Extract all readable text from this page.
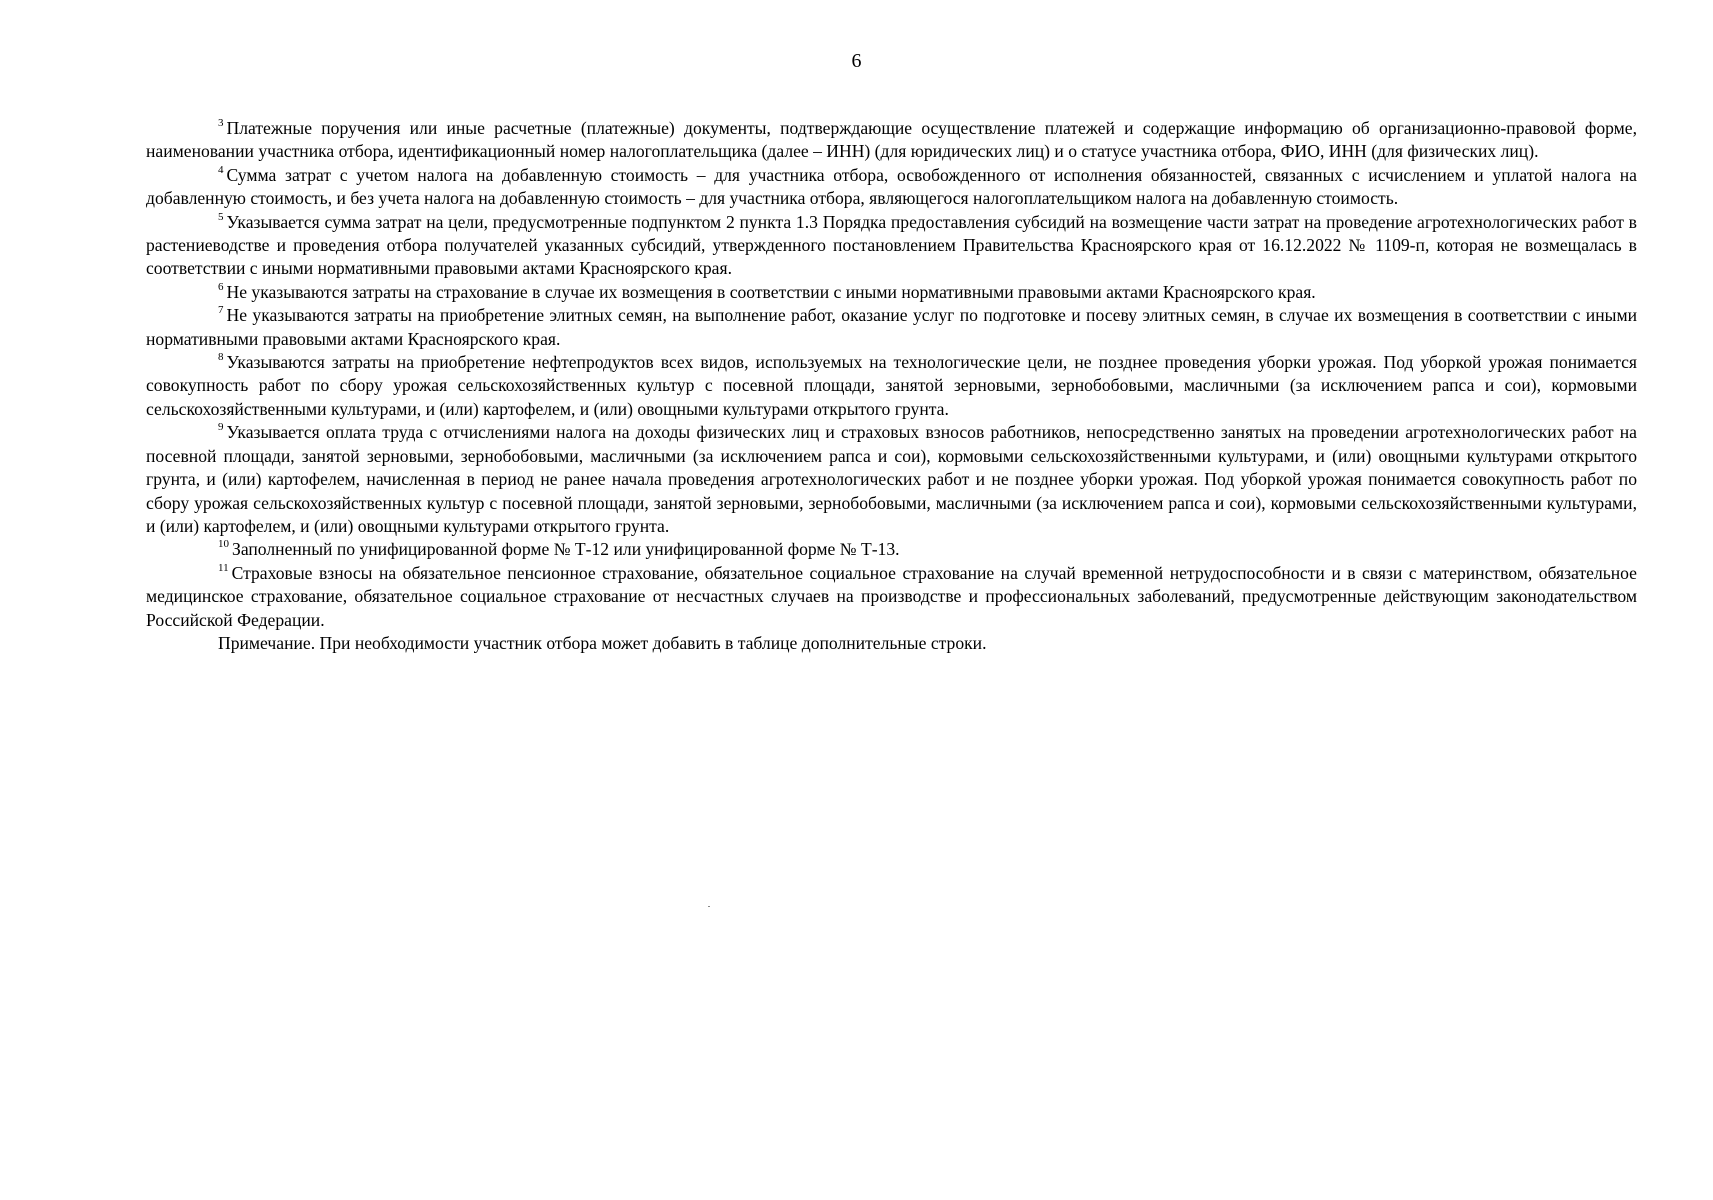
6

$^3$ Платежные поручения или иные расчетные (платежные) документы, подтверждающие осуществление платежей и содержащие информацию об организационно-правовой форме, наименовании участника отбора, идентификационный номер налогоплательщика (далее – ИНН) (для юридических лиц) и о статусе участника отбора, ФИО, ИНН (для физических лиц).

$^4$ Сумма затрат с учетом налога на добавленную стоимость – для участника отбора, освобожденного от исполнения обязанностей, связанных с исчислением и уплатой налога на добавленную стоимость, и без учета налога на добавленную стоимость – для участника отбора, являющегося налогоплательщиком налога на добавленную стоимость.

$^5$ Указывается сумма затрат на цели, предусмотренные подпунктом 2 пункта 1.3 Порядка предоставления субсидий на возмещение части затрат на проведение агротехнологических работ в растениеводстве и проведения отбора получателей указанных субсидий, утвержденного постановлением Правительства Красноярского края от 16.12.2022 № 1109-п, которая не возмещалась в соответствии с иными нормативными правовыми актами Красноярского края.

$^6$ Не указываются затраты на страхование в случае их возмещения в соответствии с иными нормативными правовыми актами Красноярского края.

$^7$ Не указываются затраты на приобретение элитных семян, на выполнение работ, оказание услуг по подготовке и посеву элитных семян, в случае их возмещения в соответствии с иными нормативными правовыми актами Красноярского края.

$^8$ Указываются затраты на приобретение нефтепродуктов всех видов, используемых на технологические цели, не позднее проведения уборки урожая. Под уборкой урожая понимается совокупность работ по сбору урожая сельскохозяйственных культур с посевной площади, занятой зерновыми, зернобобовыми, масличными (за исключением рапса и сои), кормовыми сельскохозяйственными культурами, и (или) картофелем, и (или) овощными культурами открытого грунта.

$^9$ Указывается оплата труда с отчислениями налога на доходы физических лиц и страховых взносов работников, непосредственно занятых на проведении агротехнологических работ на посевной площади, занятой зерновыми, зернобобовыми, масличными (за исключением рапса и сои), кормовыми сельскохозяйственными культурами, и (или) овощными культурами открытого грунта, и (или) картофелем, начисленная в период не ранее начала проведения агротехнологических работ и не позднее уборки урожая. Под уборкой урожая понимается совокупность работ по сбору урожая сельскохозяйственных культур с посевной площади, занятой зерновыми, зернобобовыми, масличными (за исключением рапса и сои), кормовыми сельскохозяйственными культурами, и (или) картофелем, и (или) овощными культурами открытого грунта.

$^{10}$ Заполненный по унифицированной форме № Т-12 или унифицированной форме № Т-13.

$^{11}$ Страховые взносы на обязательное пенсионное страхование, обязательное социальное страхование на случай временной нетрудоспособности и в связи с материнством, обязательное медицинское страхование, обязательное социальное страхование от несчастных случаев на производстве и профессиональных заболеваний, предусмотренные действующим законодательством Российской Федерации.

Примечание. При необходимости участник отбора может добавить в таблице дополнительные строки.
